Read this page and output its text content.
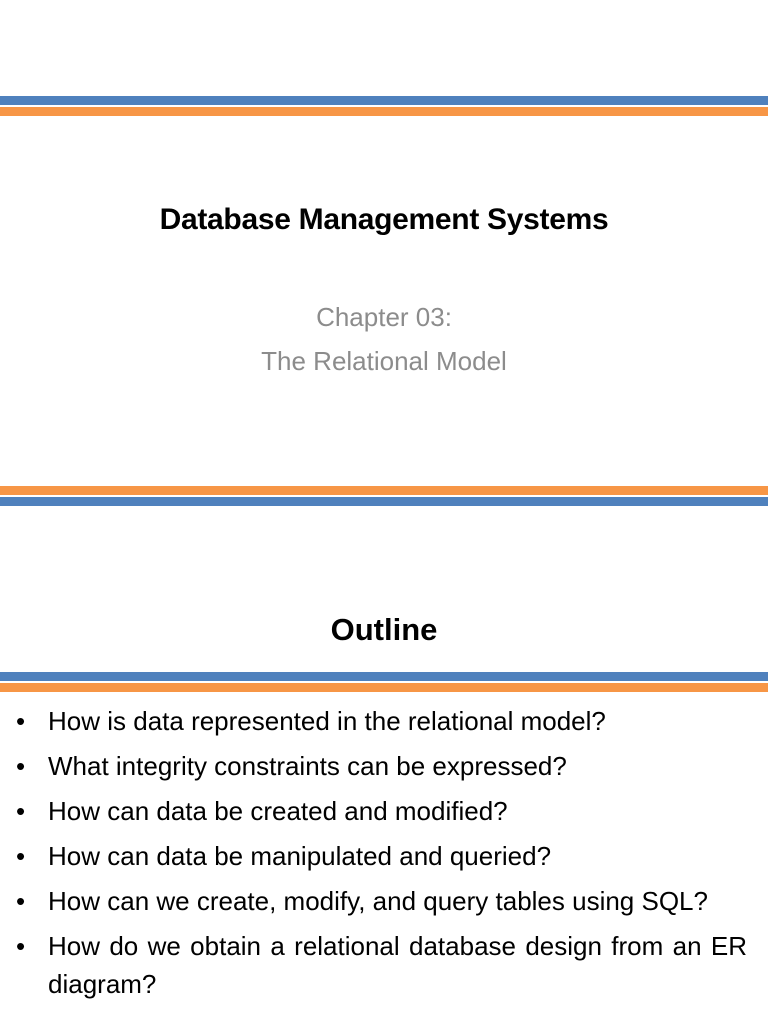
Database Management Systems
Chapter 03:
The Relational Model
Outline
• How is data represented in the relational model?
• What integrity constraints can be expressed?
• How can data be created and modified?
• How can data be manipulated and queried?
• How can we create, modify, and query tables using SQL?
• How do we obtain a relational database design from an ER diagram?
